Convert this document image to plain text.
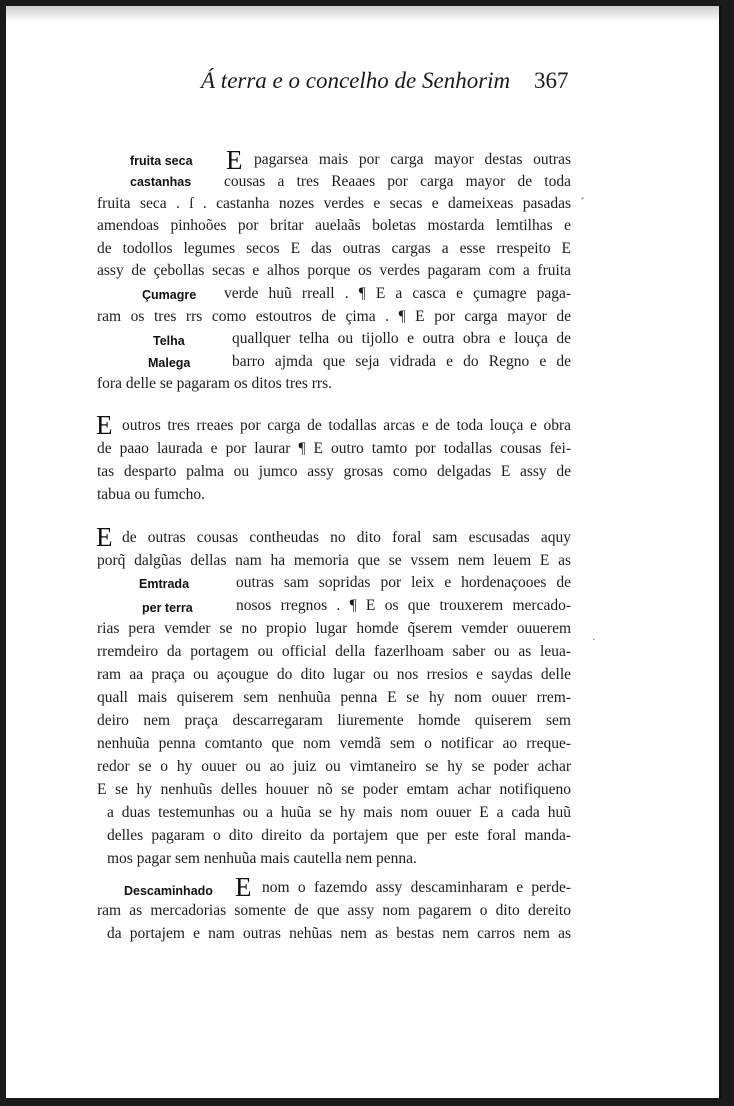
Á terra e o concelho de Senhorim 367
fruita seca
castanhas
E pagarsea mais por carga mayor destas outras
cousas a tres Reaaes por carga mayor de toda
fruita seca . ſ . castanha nozes verdes e secas e dameixeas pasadas
amendoas pinhoões por britar auelaãs boletas mostarda lemtilhas e
de todollos legumes secos E das outras cargas a esse rrespeito E
assy de çebollas secas e alhos porque os verdes pagaram com a fruita
Çumagre verde huũ rreall . ¶ E a casca e çumagre paga-
ram os tres rrs como estoutros de çima . ¶ E por carga mayor de
Telha	quallquer telha ou tijollo e outra obra e louça de
Malega	barro ajmda que seja vidrada e do Regno e de
fora delle se pagaram os ditos tres rrs.
E outros tres rreaes por carga de todallas arcas e de toda louça e obra
de paao laurada e por laurar ¶ E outro tamto por todallas cousas fei-
tas desparto palma ou jumco assy grosas como delgadas E assy de
tabua ou fumcho.
E de outras cousas contheudas no dito foral sam escusadas aquy
porq̃ dalgũas dellas nam ha memoria que se vssem nem leuem E as
Emtrada	outras sam sopridas por leix e hordenaçooes de
per terra	nosos rregnos . ¶ E os que trouxerem mercado-
rias pera vemder se no propio lugar homde q̃serem vemder ouuerem
rremdeiro da portagem ou official della fazerlhoam saber ou as leua-
ram aa praça ou açougue do dito lugar ou nos rresios e saydas delle
quall mais quiserem sem nenhuũa penna E se hy nom ouuer rrem-
deiro nem praça descarregaram liuremente homde quiserem sem
nenhuũa penna comtanto que nom vemdã sem o notificar ao rreque-
redor se o hy ouuer ou ao juiz ou vimtaneiro se hy se poder achar
E se hy nenhuũs delles houuer nõ se poder emtam achar notifiqueno
a duas testemunhas ou a huũa se hy mais nom ouuer E a cada huũ
delles pagaram o dito direito da portajem que per este foral manda-
mos pagar sem nenhuũa mais cautella nem penna.
Descaminhado E nom o fazemdo assy descaminharam e perde-
ram as mercadorias somente de que assy nom pagarem o dito dereito
da portajem e nam outras nehũas nem as bestas nem carros nem as
ˊ
·
